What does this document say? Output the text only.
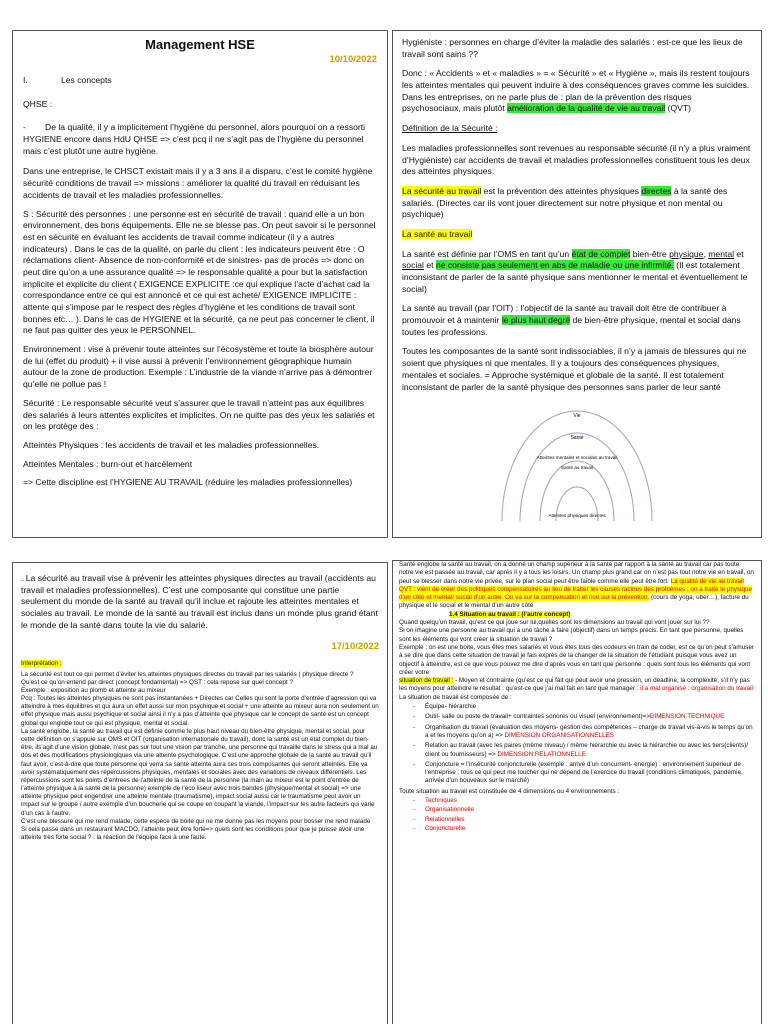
Management HSE
10/10/2022
I.	Les concepts
QHSE :
- De la qualité, il y a implicitement l’hygiène du personnel, alors pourquoi on a ressorti HYGIENE encore dans HdU QHSE => c’est pcq il ne s’agit pas de l’hygiène du personnel mais c’est plutôt une autre hygiène.
Dans une entreprise, le CHSCT existait mais il y a 3 ans il a disparu, c’est le comité hygiène sécurité conditions de travail => missions : améliorer la qualité du travail en réduisant les accidents de travail et les maladies professionnelles.
S : Sécurité des personnes : une personne est en sécurité de travail : quand elle a un bon environnement, des bons équipements. Elle ne se blesse pas. On peut savoir si le personnel est en sécurité en évaluant les accidents de travail comme indicateur (il y a autres indicateurs) . Dans le cas de la qualité, on parle du client : les indicateurs peuvent être : O réclamations client- Absence de non-conformité et de sinistres- pas de procès => donc on peut dire qu’on a une assurance qualité => le responsable qualité a pour but la satisfaction implicite et explicite du client ( EXIGENCE EXPLICITE :ce qui explique l’acte d’achat cad la correspondance entre ce qui est annoncé et ce qui est acheté/ EXIGENCE IMPLICITE : attente qui s’impose par le respect des règles d’hygiène et les conditions de travail sont bonnes etc… ). Dans le cas de HYGIENE et la sécurité, ça ne peut pas concerner le client, il ne faut pas quitter des yeux le PERSONNEL.
Environnement : vise à prévenir toute atteintes sur l’écosystème et toute la biosphère autour de lui (effet du produit) + il vise aussi à prévenir l’environnement géographique humain autour de la zone de production. Exemple : L’industrie de la viande n’arrive pas à démontrer qu’elle ne pollue pas !
Sécurité : Le responsable sécurité veut s’assurer que le travail n’atteint pas aux équilibres des salariés à leurs attentes explicites et implicites. On ne quitte pas des yeux les salariés et on les protège des :
Atteintes Physiques : les accidents de travail et les maladies professionnelles.
Atteintes Mentales : burn-out et harcèlement
=> Cette discipline est l’HYGIENE AU TRAVAIL (réduire les maladies professionnelles)
Hygiéniste : personnes en charge d’éviter la maladie des salariés : est-ce que les lieux de travail sont sains ??
Donc : « Accidents » et « maladies » = « Sécurité » et « Hygiène », mais ils restent toujours les atteintes mentales qui peuvent induire à des conséquences graves comme les suicides. Dans les entreprises, on ne parle plus de : plan de la prévention des risques psychosociaux, mais plutôt amélioration de la qualité de vie au travail (QVT)
Définition de la Sécurité :
Les maladies professionnelles sont revenues au responsable sécurité (il n’y a plus vraiment d’Hygiéniste) car accidents de travail et maladies professionnelles constituent tous les deux des atteintes physiques.
La sécurité au travail est la prévention des atteintes physiques directes à la santé des salariés. (Directes car ils vont jouer directement sur notre physique et non mental ou psychique)
La santé au travail
La santé est définie par l’OMS en tant qu’un état de complet bien-être physique, mental et social et ne consiste pas seulement en abs de maladie ou une infirmité. (Il est totalement inconsistant de parler de la santé physique sans mentionner le mental et éventuellement le social)
La santé au travail (par l’OIT) : l’objectif de la santé au travail doit être de contribuer à promouvoir et à maintenir le plus haut degré de bien-être physique, mental et social dans toutes les professions.
Toutes les composantes de la santé sont indissociables, il n’y a jamais de blessures qui ne soient que physiques ni que mentales. Il y a toujours des conséquences physiques, mentales et sociales. = Approche systémique et globale de la santé. Il est totalement inconsistant de parler de la santé physique des personnes sans parler de leur santé
Vie
Santé
Atteintes mentales et sociales au travail
Santé au travail
Atteintes physiques directes
. La sécurité au travail vise à prévenir les atteintes physiques directes au travail (accidents au travail et maladies professionnelles). C’est une composante qui constitue une partie seulement du monde de la santé au travail qu’il inclue et rajoute les atteintes mentales et sociales au travail. Le monde de la santé au travail est inclus dans un monde plus grand étant le monde de la santé dans toute la vie du salarié.
17/10/2022
Interprétation :
La sécurité est tout ce qui permet d’éviter les atteintes physiques directes du travail par les salariés ( physique directe ?
Qu’est ce qu’on entend par direct (concept fondamental) => QST : cela repose sur quel concept ?
Exemple : exposition au plomb et atteinte au mixeur
Pcq : Toutes les atteintes physiques ne sont pas instantanées + Directes car Celles qui sont la porte d’entrée d’agression qui va atteindre à mes équilibres et qui aura un effet aussi sur mon psychique et social + une atteinte au mixeur aura non seulement un effet physique mais aussi psychique et social ainsi il n’y a pas d’atteinte que physique car le concept de santé est un concept global qui englobe tout ce qui est physique, mental et social.
La santé englobe, la santé au travail qui est définie comme le plus haut niveau du bien-être physique, mental et social, pour cette définition on s’appuie sur OMS et OIT (organisation internationale du travail), donc la santé est un état complet du bien-être, ils’agit d’une vision globale, n’est pas sur tout une vision par tranche, une personne qui travaille dans le stress qui a mal au dos et des modifications physiologiques via une atteinte psychologique. C’est une approche globale de la santé au travail qu’il faut avoir, c’est-à-dire que toute personne qui verra sa santé atteinte aura ces trois composantes qui seront atteintes. Elle va avoir systématiquement des répercussions physiques, mentales et sociales avec des variations de niveaux différentiels. Les répercussions sont les points d’entrées de l’atteinte de la santé de la personne (la main au mixeur est le point d’entrée de l’atteinte physique à la santé de la personne) exemple de l’éco liseur avec trois bandes (physique/mental et social) => une atteinte physique peut engendrer une atteinte mentale (traumatisme), impact social aussi car le traumatisme peut avoir un impact sur le groupe / autre exemple d’un boucherie qui se coupe en coupant la viande, l’impact sur les autre facteurs qui varie d’un cas à l’autre.
C’est une blessure qui me rend malade, cette espèce de boite qui ne me donne pas les moyens pour bosser me rend malade
Si cela passe dans un restaurant MACDO, l’atteinte peut être forte=> quels sont les conditions pour que je puisse avoir une atteinte très forte social ? : la réaction de l’équipe face à une faute.
Santé englobe la santé au travail, on a donné un champ supérieur à la santé par rapport à la santé au travail car pas toute notre vie est passée au travail, car après il y a tous les loisirs. Un champ plus grand car on n’est pas tout notre vie en travail, on peut se blesser dans notre vie privée, sur le plan social peut être faible comme elle peut être fort. La qualité de vie au travail QVT : vient de créer des politiques compensatoires au lieu de traiter les causes racines des problèmes ; on a traité le physique d’un côté et mental/ social d’un autre. On va sur la compensation et non sur la prévention. (cours de yoga, uber…), facture du physique et le social et le mental d’un autre côté
1.4 Situation au travail : (l’autre concept)
Quand quelqu’un travail, qu’est ce qui joue sur lui,quelles sont les dimensions au travail qui vont jouer sur lui ??
Si on imagine une personne au travail qui a une tâche à faire (objectif) dans un temps précis. En tant que personne, quelles sont les éléments qui vont créer la situation de travail ?
Exemple : on est une boite, vous êtes mes salariés et vous êtes tous des codeurs en train de coder, est ce qu’on peut s’amuser à se dire que dans cette situation de travail je fais exprès de la changer de la situation de l’étudiant puisque vous avez un objectif à atteindre, est ce que vous pouvez me dire d’après vous en tant que personne : quels sont tous les éléments qui vont créer votre
situation de travail : - Moyen et contrainte (qu’est ce qui fait qui peut avoir une pression, un deadline, la complexité, s’il n’y pas les moyens pour atteindre le résultat : qu’est-ce que j’ai mal fait en tant que manager : il a mal organisé : organisation du travail
La situation de travail est composée de :
- Équipe- hiérarchie
- Outil- salle ou poste de travail+ contraintes sonores ou visuel (environnement)=>DIMENSION TECHNIQUE
- Organisation du travail (évaluation des moyens- gestion des compétences – charge de travail vis-à-vis le temps qu’on a et les moyens qu’on a) => DIMENSION ORGANISATIONNELLES
- Relation au travail (avec les paires (même niveau) / même hiérarchie ou avec la hiérarchie ou avec les tiers(clients)/ client ou fournisseurs) => DIMENSION RELATIONNELLE
- Conjoncture = l’insécurité conjoncturelle (exemple : arrivé d’un concurrent- énergie) : environnement supérieur de l’entreprise : tous ce qui peut me toucher qui ne dépend de l’exercice du travail (conditions climatiques, pandémie, arrivée d’un bouveaux sur le marché)
Toute situation au travail est constituée de 4 dimensions ou 4 environnements :
- Techniques
- Organisationnelle
- Relationnelles
- Conjoncturelle
